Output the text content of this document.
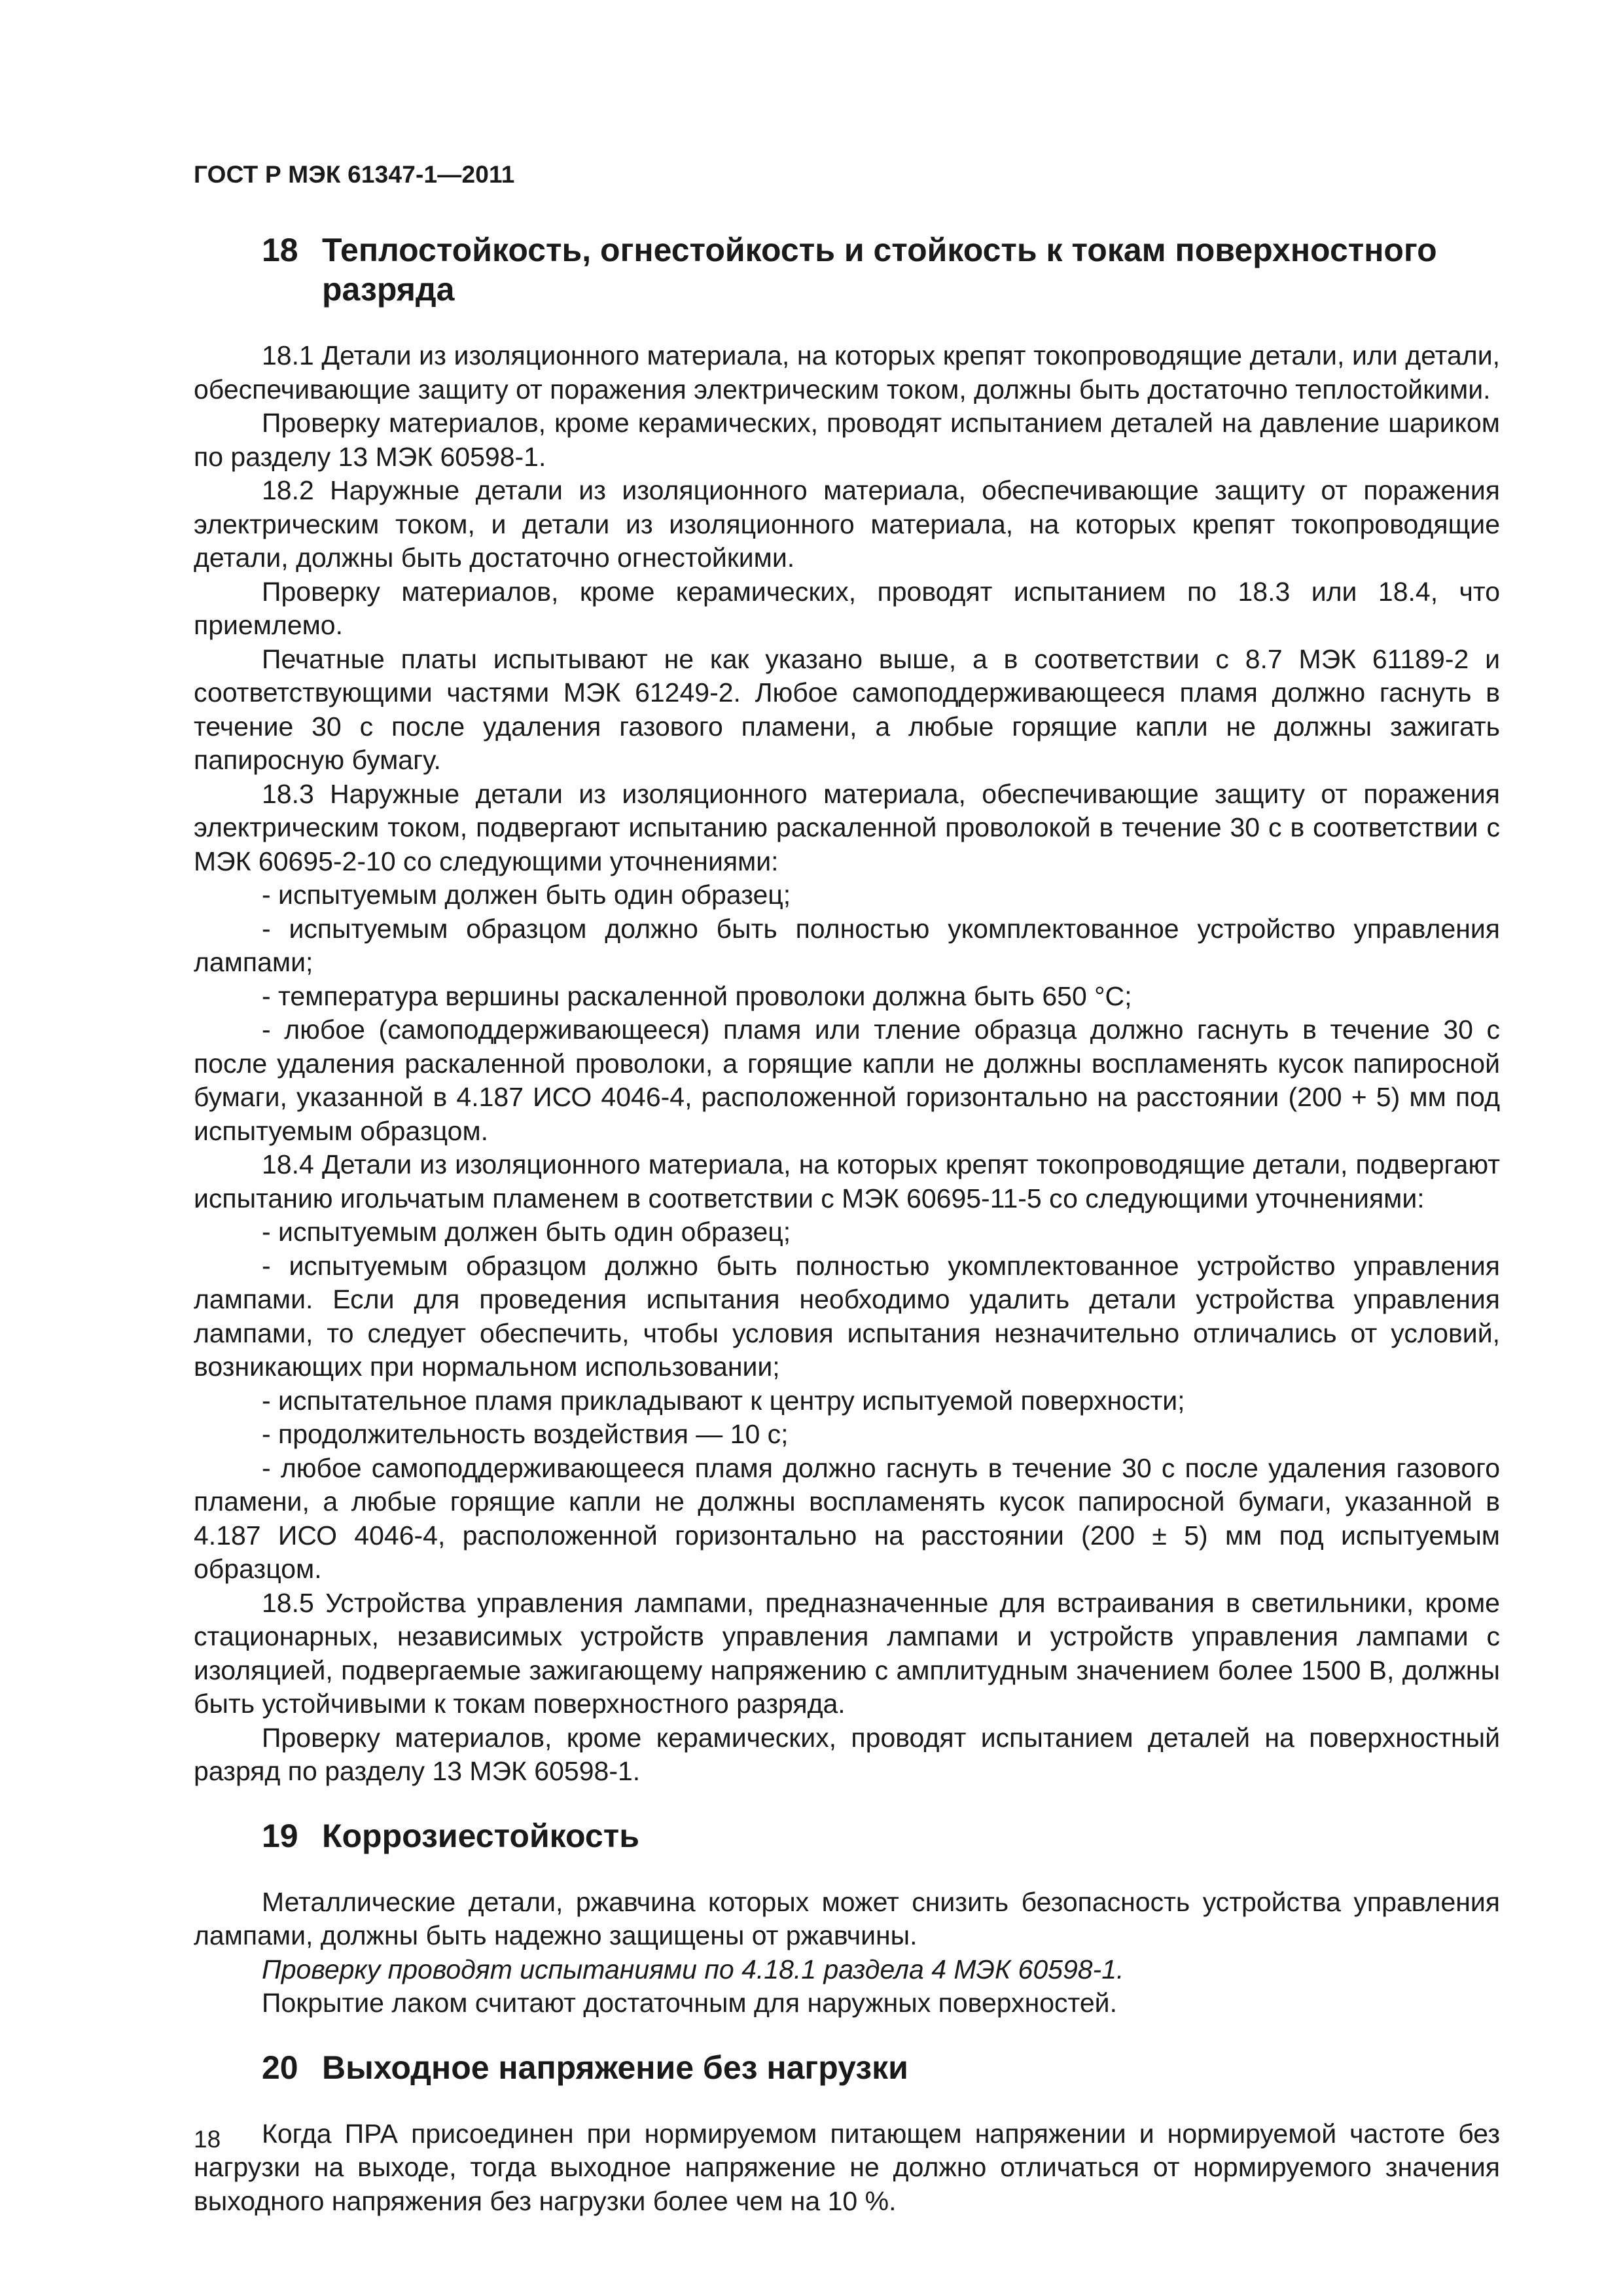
ГОСТ Р МЭК 61347-1—2011
18 Теплостойкость, огнестойкость и стойкость к токам поверхностного разряда

18.1 Детали из изоляционного материала, на которых крепят токопроводящие детали, или детали, обеспечивающие защиту от поражения электрическим током, должны быть достаточно теплостойкими.

Проверку материалов, кроме керамических, проводят испытанием деталей на давление шариком по разделу 13 МЭК 60598-1.

18.2 Наружные детали из изоляционного материала, обеспечивающие защиту от поражения электрическим током, и детали из изоляционного материала, на которых крепят токопроводящие детали, должны быть достаточно огнестойкими.

Проверку материалов, кроме керамических, проводят испытанием по 18.3 или 18.4, что приемлемо.

Печатные платы испытывают не как указано выше, а в соответствии с 8.7 МЭК 61189-2 и соответствующими частями МЭК 61249-2. Любое самоподдерживающееся пламя должно гаснуть в течение 30 с после удаления газового пламени, а любые горящие капли не должны зажигать папиросную бумагу.

18.3 Наружные детали из изоляционного материала, обеспечивающие защиту от поражения электрическим током, подвергают испытанию раскаленной проволокой в течение 30 с в соответствии с МЭК 60695-2-10 со следующими уточнениями:

- испытуемым должен быть один образец;

- испытуемым образцом должно быть полностью укомплектованное устройство управления лампами;

- температура вершины раскаленной проволоки должна быть 650 °С;

- любое (самоподдерживающееся) пламя или тление образца должно гаснуть в течение 30 с после удаления раскаленной проволоки, а горящие капли не должны воспламенять кусок папиросной бумаги, указанной в 4.187 ИСО 4046-4, расположенной горизонтально на расстоянии (200 + 5) мм под испытуемым образцом.

18.4 Детали из изоляционного материала, на которых крепят токопроводящие детали, подвергают испытанию игольчатым пламенем в соответствии с МЭК 60695-11-5 со следующими уточнениями:

- испытуемым должен быть один образец;

- испытуемым образцом должно быть полностью укомплектованное устройство управления лампами. Если для проведения испытания необходимо удалить детали устройства управления лампами, то следует обеспечить, чтобы условия испытания незначительно отличались от условий, возникающих при нормальном использовании;

- испытательное пламя прикладывают к центру испытуемой поверхности;

- продолжительность воздействия — 10 с;

- любое самоподдерживающееся пламя должно гаснуть в течение 30 с после удаления газового пламени, а любые горящие капли не должны воспламенять кусок папиросной бумаги, указанной в 4.187 ИСО 4046-4, расположенной горизонтально на расстоянии (200 ± 5) мм под испытуемым образцом.

18.5 Устройства управления лампами, предназначенные для встраивания в светильники, кроме стационарных, независимых устройств управления лампами и устройств управления лампами с изоляцией, подвергаемые зажигающему напряжению с амплитудным значением более 1500 В, должны быть устойчивыми к токам поверхностного разряда.

Проверку материалов, кроме керамических, проводят испытанием деталей на поверхностный разряд по разделу 13 МЭК 60598-1.

19 Коррозиестойкость

Металлические детали, ржавчина которых может снизить безопасность устройства управления лампами, должны быть надежно защищены от ржавчины.

Проверку проводят испытаниями по 4.18.1 раздела 4 МЭК 60598-1.

Покрытие лаком считают достаточным для наружных поверхностей.

20 Выходное напряжение без нагрузки

Когда ПРА присоединен при нормируемом питающем напряжении и нормируемой частоте без нагрузки на выходе, тогда выходное напряжение не должно отличаться от нормируемого значения выходного напряжения без нагрузки более чем на 10 %.

18
